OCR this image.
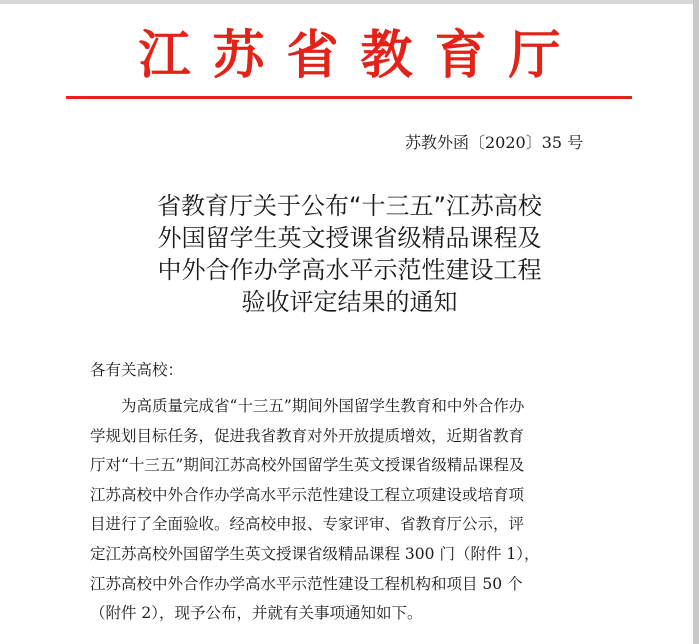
江苏省教育厅
苏教外函〔2020〕35 号
省教育厅关于公布“十三五”江苏高校
外国留学生英文授课省级精品课程及
中外合作办学高水平示范性建设工程
验收评定结果的通知
各有关高校：
　　为高质量完成省“十三五”期间外国留学生教育和中外合作办
学规划目标任务，促进我省教育对外开放提质增效，近期省教育
厅对“十三五”期间江苏高校外国留学生英文授课省级精品课程及
江苏高校中外合作办学高水平示范性建设工程立项建设或培育项
目进行了全面验收。经高校申报、专家评审、省教育厅公示，评
定江苏高校外国留学生英文授课省级精品课程 300 门（附件 1），
江苏高校中外合作办学高水平示范性建设工程机构和项目 50 个
（附件 2），现予公布，并就有关事项通知如下。
